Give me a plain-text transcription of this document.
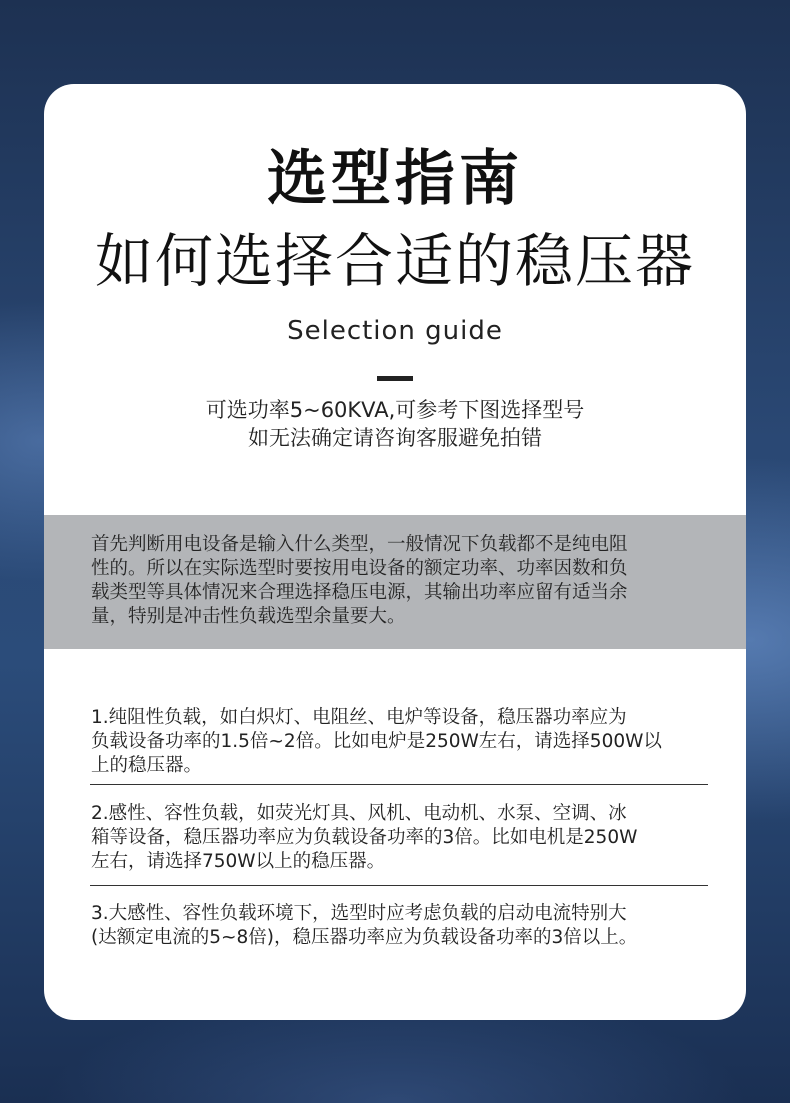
选型指南
如何选择合适的稳压器
Selection guide
可选功率5~60KVA,可参考下图选择型号
如无法确定请咨询客服避免拍错
首先判断用电设备是输入什么类型，一般情况下负载都不是纯电阻
性的。所以在实际选型时要按用电设备的额定功率、功率因数和负
载类型等具体情况来合理选择稳压电源，其输出功率应留有适当余
量，特别是冲击性负载选型余量要大。
1.纯阻性负载，如白炽灯、电阻丝、电炉等设备，稳压器功率应为
负载设备功率的1.5倍~2倍。比如电炉是250W左右，请选择500W以
上的稳压器。
2.感性、容性负载，如荧光灯具、风机、电动机、水泵、空调、冰
箱等设备，稳压器功率应为负载设备功率的3倍。比如电机是250W
左右，请选择750W以上的稳压器。
3.大感性、容性负载环境下，选型时应考虑负载的启动电流特别大
(达额定电流的5~8倍)，稳压器功率应为负载设备功率的3倍以上。
